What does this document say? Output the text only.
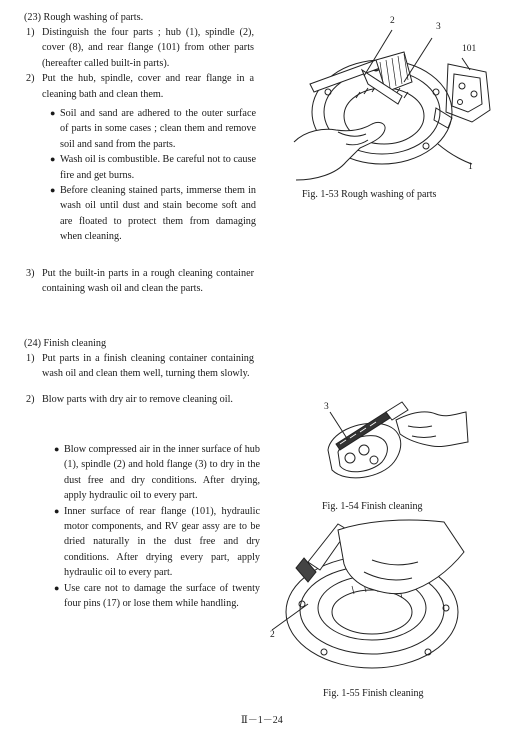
(23) Rough washing of parts.
1) Distinguish the four parts ; hub (1), spindle (2), cover (8), and rear flange (101) from other parts (hereafter called built-in parts).
2) Put the hub, spindle, cover and rear flange in a cleaning bath and clean them.
● Soil and sand are adhered to the outer surface of parts in some cases ; clean them and remove soil and sand from the parts.
● Wash oil is combustible. Be careful not to cause fire and get burns.
● Before cleaning stained parts, immerse them in wash oil until dust and stain become soft and are floated to protect them from damaging when cleaning.
3) Put the built-in parts in a rough cleaning container containing wash oil and clean the parts.
(24) Finish cleaning
1) Put parts in a finish cleaning container containing wash oil and clean them well, turning them slowly.
2) Blow parts with dry air to remove cleaning oil.
● Blow compressed air in the inner surface of hub (1), spindle (2) and hold flange (3) to dry in the dust free and dry conditions. After drying, apply hydraulic oil to every part.
● Inner surface of rear flange (101), hydraulic motor components, and RV gear assy are to be dried naturally in the dust free and dry conditions. After drying every part, apply hydraulic oil to every part.
● Use care not to damage the surface of twenty four pins (17) or lose them while handling.
2
3
101
1
Fig. 1-53 Rough washing of parts
3
Fig. 1-54 Finish cleaning
2
Fig. 1-55 Finish cleaning
Ⅱ－1－24
